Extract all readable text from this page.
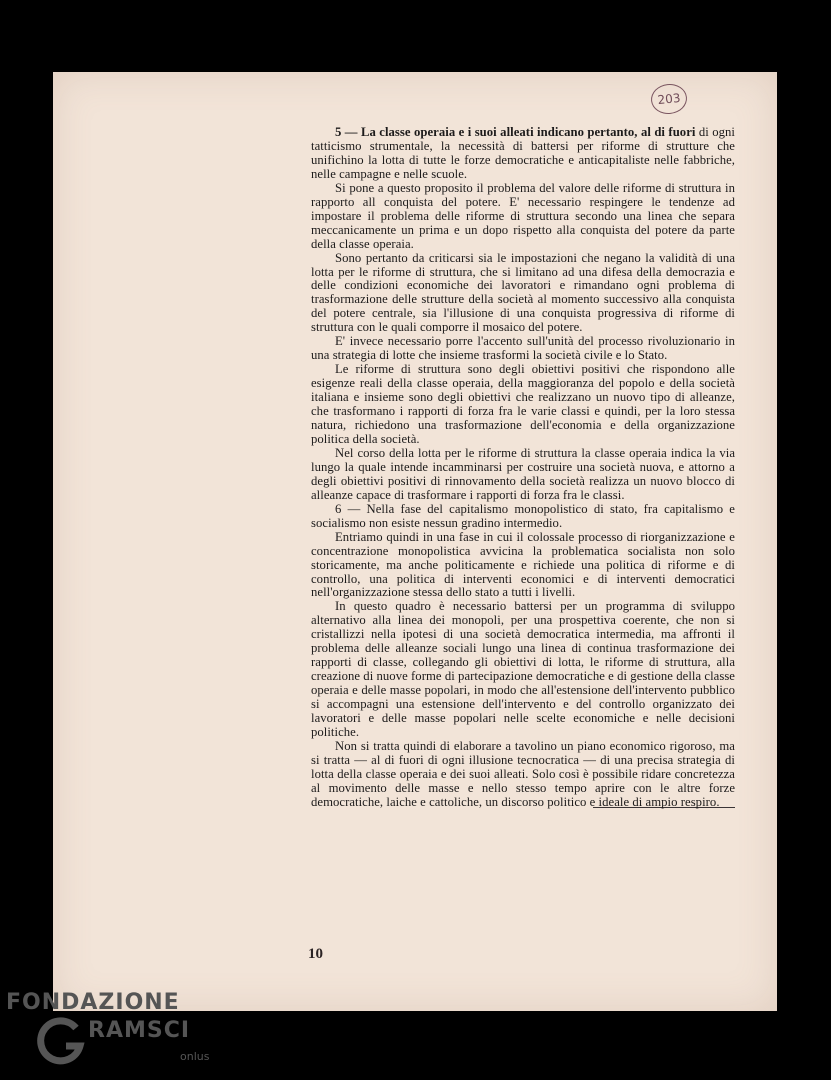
203

5 — La classe operaia e i suoi alleati indicano pertanto, al di fuori di ogni tatticismo strumentale, la necessità di battersi per riforme di strutture che unifichino la lotta di tutte le forze democratiche e anticapitaliste nelle fabbriche, nelle campagne e nelle scuole.

Si pone a questo proposito il problema del valore delle riforme di struttura in rapporto all conquista del potere. E' necessario respingere le tendenze ad impostare il problema delle riforme di struttura secondo una linea che separa meccanicamente un prima e un dopo rispetto alla conquista del potere da parte della classe operaia.

Sono pertanto da criticarsi sia le impostazioni che negano la validità di una lotta per le riforme di struttura, che si limitano ad una difesa della democrazia e delle condizioni economiche dei lavoratori e rimandano ogni problema di trasformazione delle strutture della società al momento successivo alla conquista del potere centrale, sia l'illusione di una conquista progressiva di riforme di struttura con le quali comporre il mosaico del potere.

E' invece necessario porre l'accento sull'unità del processo rivoluzionario in una strategia di lotte che insieme trasformi la società civile e lo Stato.

Le riforme di struttura sono degli obiettivi positivi che rispondono alle esigenze reali della classe operaia, della maggioranza del popolo e della società italiana e insieme sono degli obiettivi che realizzano un nuovo tipo di alleanze, che trasformano i rapporti di forza fra le varie classi e quindi, per la loro stessa natura, richiedono una trasformazione dell'economia e della organizzazione politica della società.

Nel corso della lotta per le riforme di struttura la classe operaia indica la via lungo la quale intende incamminarsi per costruire una società nuova, e attorno a degli obiettivi positivi di rinnovamento della società realizza un nuovo blocco di alleanze capace di trasformare i rapporti di forza fra le classi.

6 — Nella fase del capitalismo monopolistico di stato, fra capitalismo e socialismo non esiste nessun gradino intermedio.

Entriamo quindi in una fase in cui il colossale processo di riorganizzazione e concentrazione monopolistica avvicina la problematica socialista non solo storicamente, ma anche politicamente e richiede una politica di riforme e di controllo, una politica di interventi economici e di interventi democratici nell'organizzazione stessa dello stato a tutti i livelli.

In questo quadro è necessario battersi per un programma di sviluppo alternativo alla linea dei monopoli, per una prospettiva coerente, che non si cristallizzi nella ipotesi di una società democratica intermedia, ma affronti il problema delle alleanze sociali lungo una linea di continua trasformazione dei rapporti di classe, collegando gli obiettivi di lotta, le riforme di struttura, alla creazione di nuove forme di partecipazione democratiche e di gestione della classe operaia e delle masse popolari, in modo che all'estensione dell'intervento pubblico si accompagni una estensione dell'intervento e del controllo organizzato dei lavoratori e delle masse popolari nelle scelte economiche e nelle decisioni politiche.

Non si tratta quindi di elaborare a tavolino un piano economico rigoroso, ma si tratta — al di fuori di ogni illusione tecnocratica — di una precisa strategia di lotta della classe operaia e dei suoi alleati. Solo così è possibile ridare concretezza al movimento delle masse e nello stesso tempo aprire con le altre forze democratiche, laiche e cattoliche, un discorso politico e ideale di ampio respiro.

10
FONDAZIONE
RAMSCI
onlus
